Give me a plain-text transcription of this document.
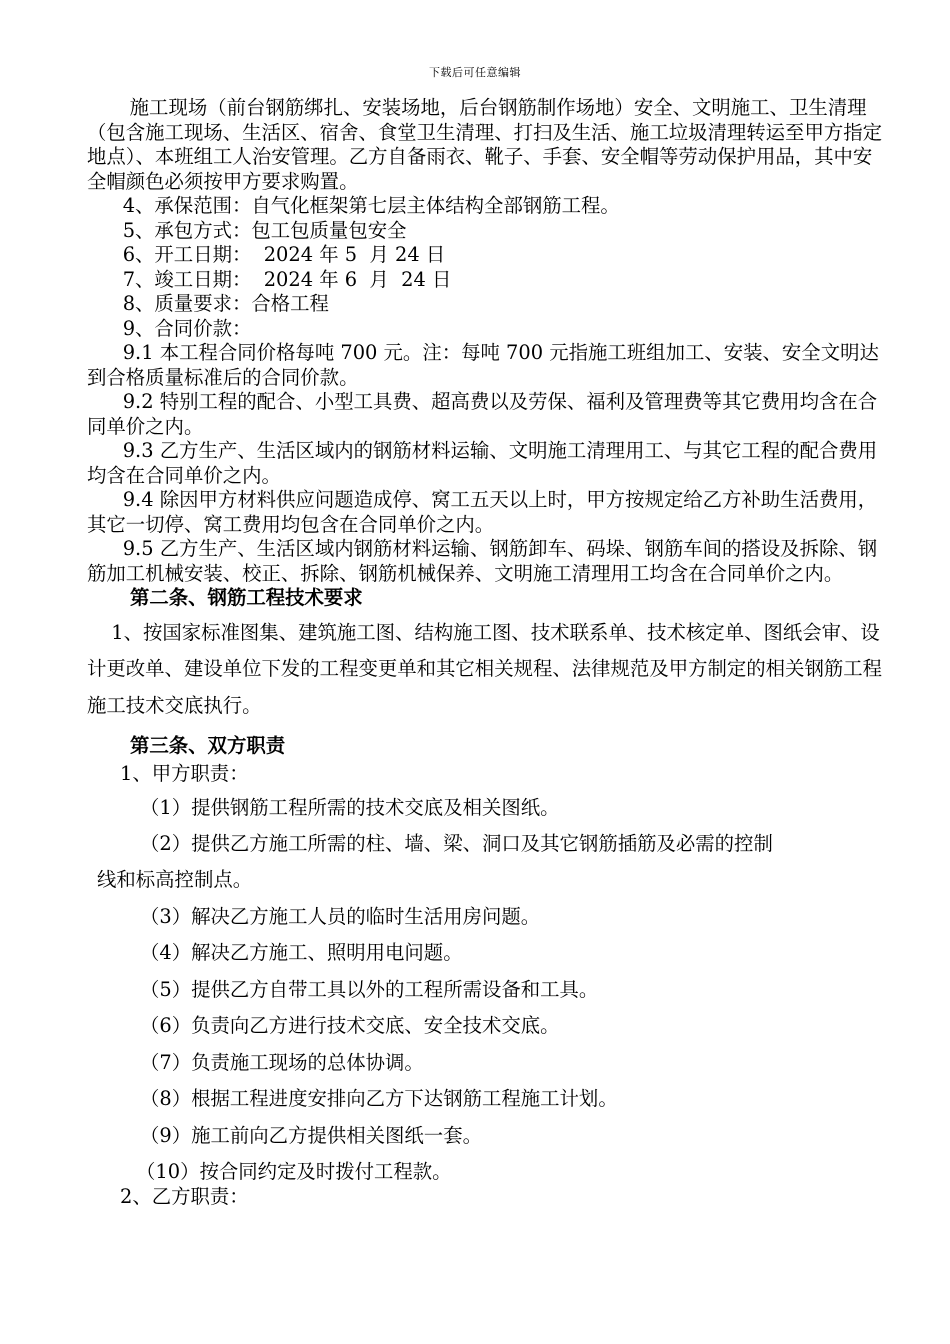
下载后可任意编辑

施工现场（前台钢筋绑扎、安装场地，后台钢筋制作场地）安全、文明施工、卫生清理（包含施工现场、生活区、宿舍、食堂卫生清理、打扫及生活、施工垃圾清理转运至甲方指定地点）、本班组工人治安管理。乙方自备雨衣、靴子、手套、安全帽等劳动保护用品，其中安全帽颜色必须按甲方要求购置。

4、承保范围：自气化框架第七层主体结构全部钢筋工程。

5、承包方式：包工包质量包安全

6、开工日期：  2024 年 5  月 24 日

7、竣工日期：  2024 年 6  月  24 日

8、质量要求：合格工程

9、合同价款：

9.1 本工程合同价格每吨 700 元。注：每吨 700 元指施工班组加工、安装、安全文明达到合格质量标准后的合同价款。

9.2 特别工程的配合、小型工具费、超高费以及劳保、福利及管理费等其它费用均含在合同单价之内。

9.3 乙方生产、生活区域内的钢筋材料运输、文明施工清理用工、与其它工程的配合费用均含在合同单价之内。

9.4 除因甲方材料供应问题造成停、窝工五天以上时，甲方按规定给乙方补助生活费用，其它一切停、窝工费用均包含在合同单价之内。

9.5 乙方生产、生活区域内钢筋材料运输、钢筋卸车、码垛、钢筋车间的搭设及拆除、钢筋加工机械安装、校正、拆除、钢筋机械保养、文明施工清理用工均含在合同单价之内。

第二条、钢筋工程技术要求

1、按国家标准图集、建筑施工图、结构施工图、技术联系单、技术核定单、图纸会审、设计更改单、建设单位下发的工程变更单和其它相关规程、法律规范及甲方制定的相关钢筋工程施工技术交底执行。

第三条、双方职责

1、甲方职责：

（1）提供钢筋工程所需的技术交底及相关图纸。

（2）提供乙方施工所需的柱、墙、梁、洞口及其它钢筋插筋及必需的控制

线和标高控制点。

（3）解决乙方施工人员的临时生活用房问题。

（4）解决乙方施工、照明用电问题。

（5）提供乙方自带工具以外的工程所需设备和工具。

（6）负责向乙方进行技术交底、安全技术交底。

（7）负责施工现场的总体协调。

（8）根据工程进度安排向乙方下达钢筋工程施工计划。

（9）施工前向乙方提供相关图纸一套。

（10）按合同约定及时拨付工程款。

2、乙方职责：
